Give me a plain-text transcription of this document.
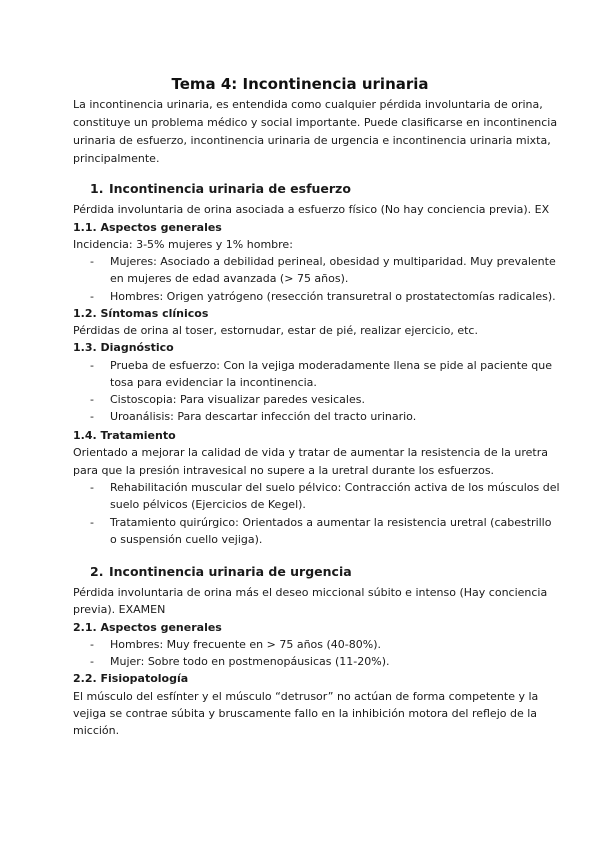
Tema 4: Incontinencia urinaria

La incontinencia urinaria, es entendida como cualquier pérdida involuntaria de orina,

constituye un problema médico y social importante. Puede clasificarse en incontinencia

urinaria de esfuerzo, incontinencia urinaria de urgencia e incontinencia urinaria mixta,

principalmente.

1. Incontinencia urinaria de esfuerzo

Pérdida involuntaria de orina asociada a esfuerzo físico (No hay conciencia previa). EX

1.1. Aspectos generales

Incidencia: 3-5% mujeres y 1% hombre:

- Mujeres: Asociado a debilidad perineal, obesidad y multiparidad. Muy prevalente

en mujeres de edad avanzada (> 75 años).

- Hombres: Origen yatrógeno (resección transuretral o prostatectomías radicales).

1.2. Síntomas clínicos

Pérdidas de orina al toser, estornudar, estar de pié, realizar ejercicio, etc.

1.3. Diagnóstico

- Prueba de esfuerzo: Con la vejiga moderadamente llena se pide al paciente que

tosa para evidenciar la incontinencia.

- Cistoscopia: Para visualizar paredes vesicales.

- Uroanálisis: Para descartar infección del tracto urinario.

1.4. Tratamiento

Orientado a mejorar la calidad de vida y tratar de aumentar la resistencia de la uretra

para que la presión intravesical no supere a la uretral durante los esfuerzos.

- Rehabilitación muscular del suelo pélvico: Contracción activa de los músculos del

suelo pélvicos (Ejercicios de Kegel).

- Tratamiento quirúrgico: Orientados a aumentar la resistencia uretral (cabestrillo

o suspensión cuello vejiga).

2. Incontinencia urinaria de urgencia

Pérdida involuntaria de orina más el deseo miccional súbito e intenso (Hay conciencia

previa). EXAMEN

2.1. Aspectos generales

- Hombres: Muy frecuente en > 75 años (40-80%).

- Mujer: Sobre todo en postmenopáusicas (11-20%).

2.2. Fisiopatología

El músculo del esfínter y el músculo “detrusor” no actúan de forma competente y la

vejiga se contrae súbita y bruscamente fallo en la inhibición motora del reflejo de la

micción.
